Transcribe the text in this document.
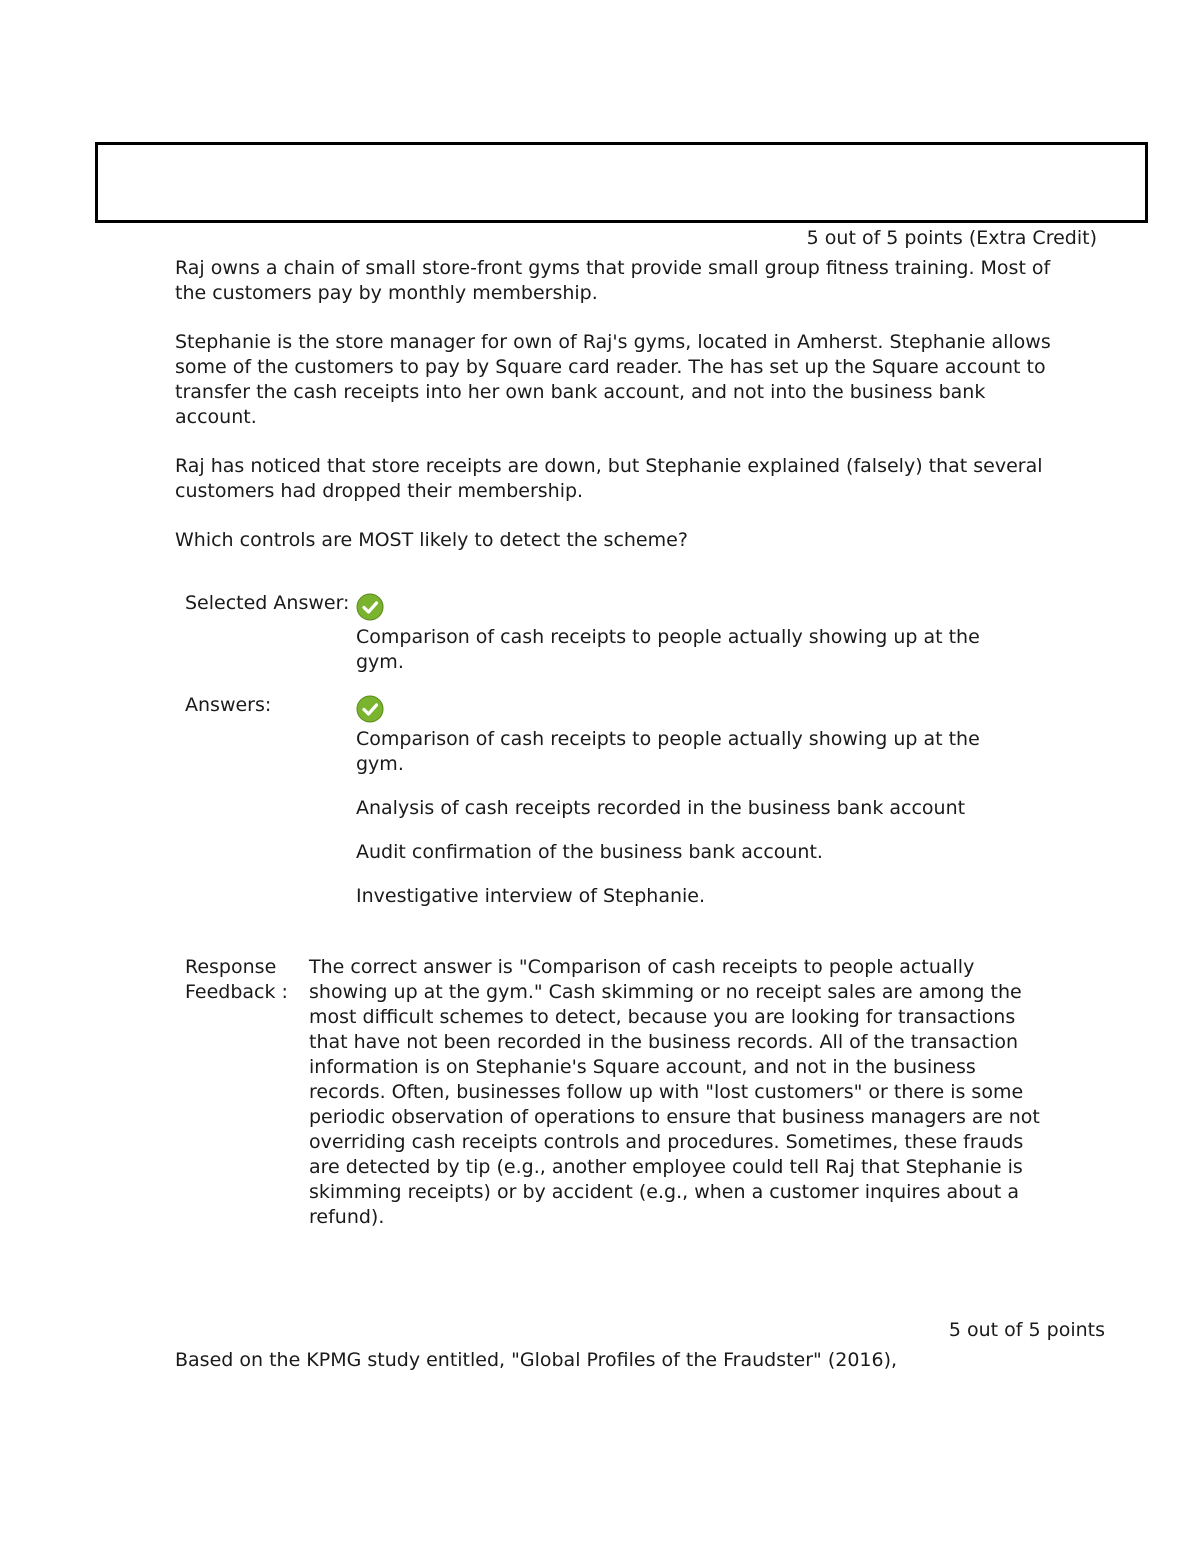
5 out of 5 points (Extra Credit)

Raj owns a chain of small store-front gyms that provide small group fitness training. Most of the customers pay by monthly membership.

Stephanie is the store manager for own of Raj's gyms, located in Amherst. Stephanie allows some of the customers to pay by Square card reader. The has set up the Square account to transfer the cash receipts into her own bank account, and not into the business bank account.

Raj has noticed that store receipts are down, but Stephanie explained (falsely) that several customers had dropped their membership.

Which controls are MOST likely to detect the scheme?

Selected Answer:
Comparison of cash receipts to people actually showing up at the gym.
Answers:
Comparison of cash receipts to people actually showing up at the gym.
Analysis of cash receipts recorded in the business bank account
Audit confirmation of the business bank account.
Investigative interview of Stephanie.
Response Feedback :
The correct answer is "Comparison of cash receipts to people actually showing up at the gym." Cash skimming or no receipt sales are among the most difficult schemes to detect, because you are looking for transactions that have not been recorded in the business records. All of the transaction information is on Stephanie's Square account, and not in the business records. Often, businesses follow up with "lost customers" or there is some periodic observation of operations to ensure that business managers are not overriding cash receipts controls and procedures. Sometimes, these frauds are detected by tip (e.g., another employee could tell Raj that Stephanie is skimming receipts) or by accident (e.g., when a customer inquires about a refund).
5 out of 5 points
Based on the KPMG study entitled, "Global Profiles of the Fraudster" (2016),
